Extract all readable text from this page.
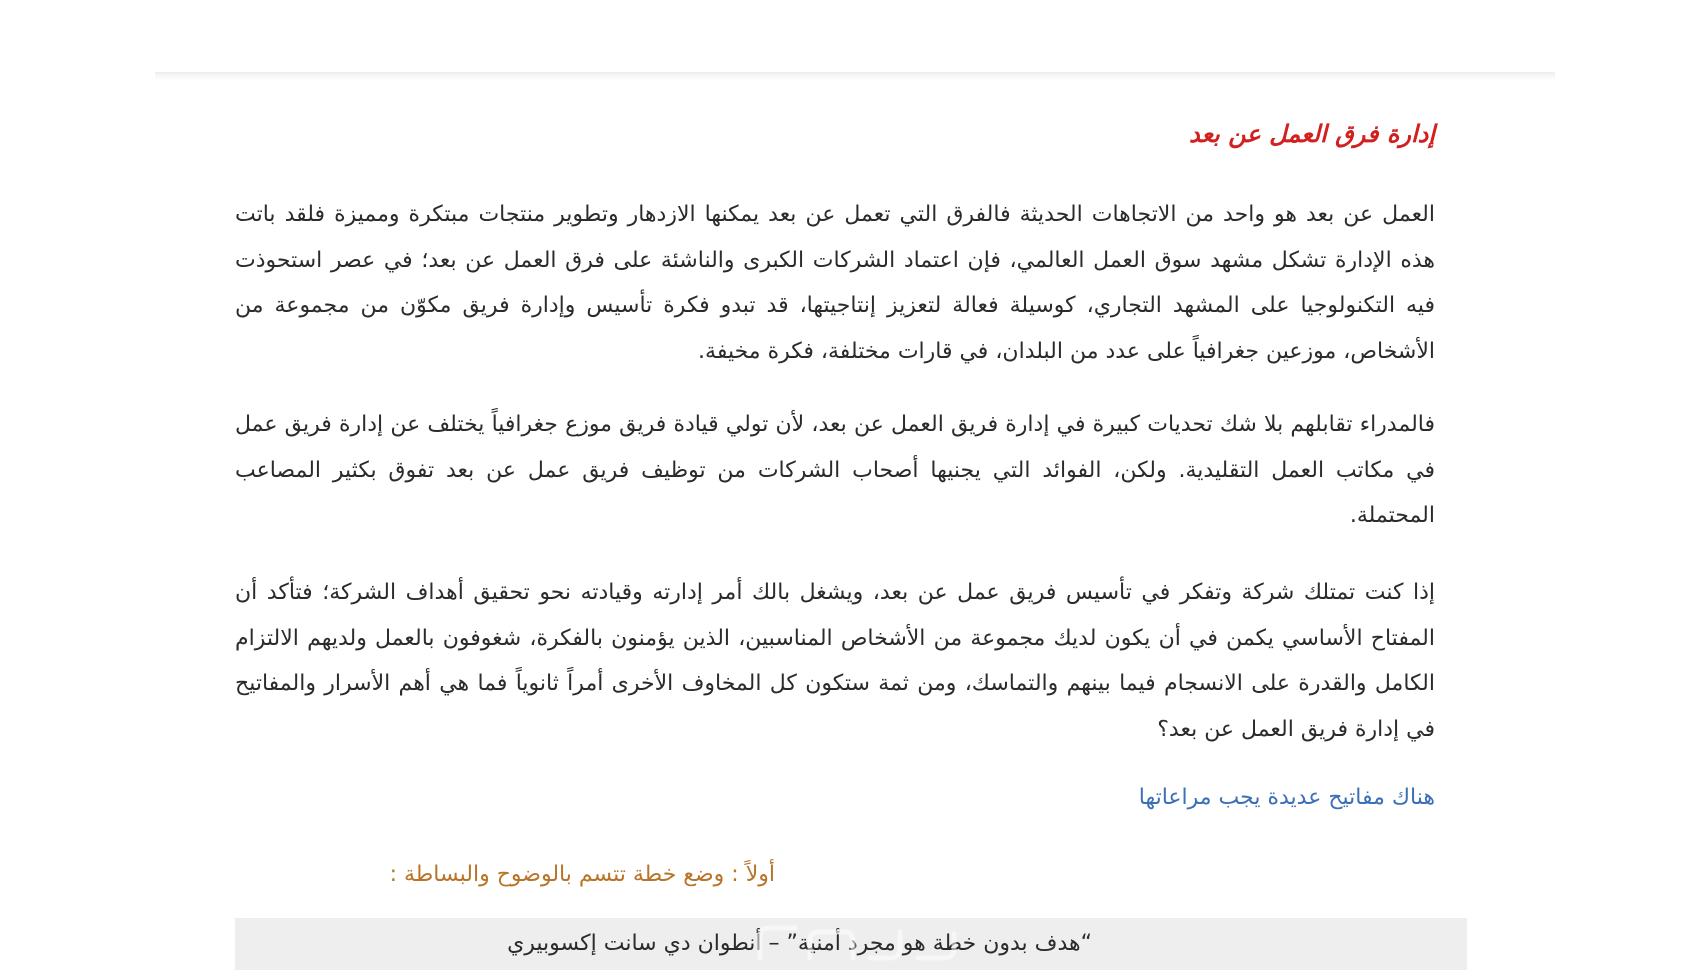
إدارة فرق العمل عن بعد

العمل عن بعد هو واحد من الاتجاهات الحديثة فالفرق التي تعمل عن بعد يمكنها الازدهار وتطوير منتجات مبتكرة ومميزة فلقد باتت هذه الإدارة تشكل مشهد سوق العمل العالمي، فإن اعتماد الشركات الكبرى والناشئة على فرق العمل عن بعد؛ في عصر استحوذت فيه التكنولوجيا على المشهد التجاري، كوسيلة فعالة لتعزيز إنتاجيتها، قد تبدو فكرة تأسيس وإدارة فريق مكوّن من مجموعة من الأشخاص، موزعين جغرافياً على عدد من البلدان، في قارات مختلفة، فكرة مخيفة.

فالمدراء تقابلهم بلا شك تحديات كبيرة في إدارة فريق العمل عن بعد، لأن تولي قيادة فريق موزع جغرافياً يختلف عن إدارة فريق عمل في مكاتب العمل التقليدية. ولكن، الفوائد التي يجنيها أصحاب الشركات من توظيف فريق عمل عن بعد تفوق بكثير المصاعب المحتملة.

إذا كنت تمتلك شركة وتفكر في تأسيس فريق عمل عن بعد، ويشغل بالك أمر إدارته وقيادته نحو تحقيق أهداف الشركة؛ فتأكد أن المفتاح الأساسي يكمن في أن يكون لديك مجموعة من الأشخاص المناسبين، الذين يؤمنون بالفكرة، شغوفون بالعمل ولديهم الالتزام الكامل والقدرة على الانسجام فيما بينهم والتماسك، ومن ثمة ستكون كل المخاوف الأخرى أمراً ثانوياً فما هي أهم الأسرار والمفاتيح في إدارة فريق العمل عن بعد؟

هناك مفاتيح عديدة يجب مراعاتها

أولاً : وضع خطة تتسم بالوضوح والبساطة :

“هدف بدون خطة هو مجرد أمنية” – أنطوان دي سانت إكسوبيري
